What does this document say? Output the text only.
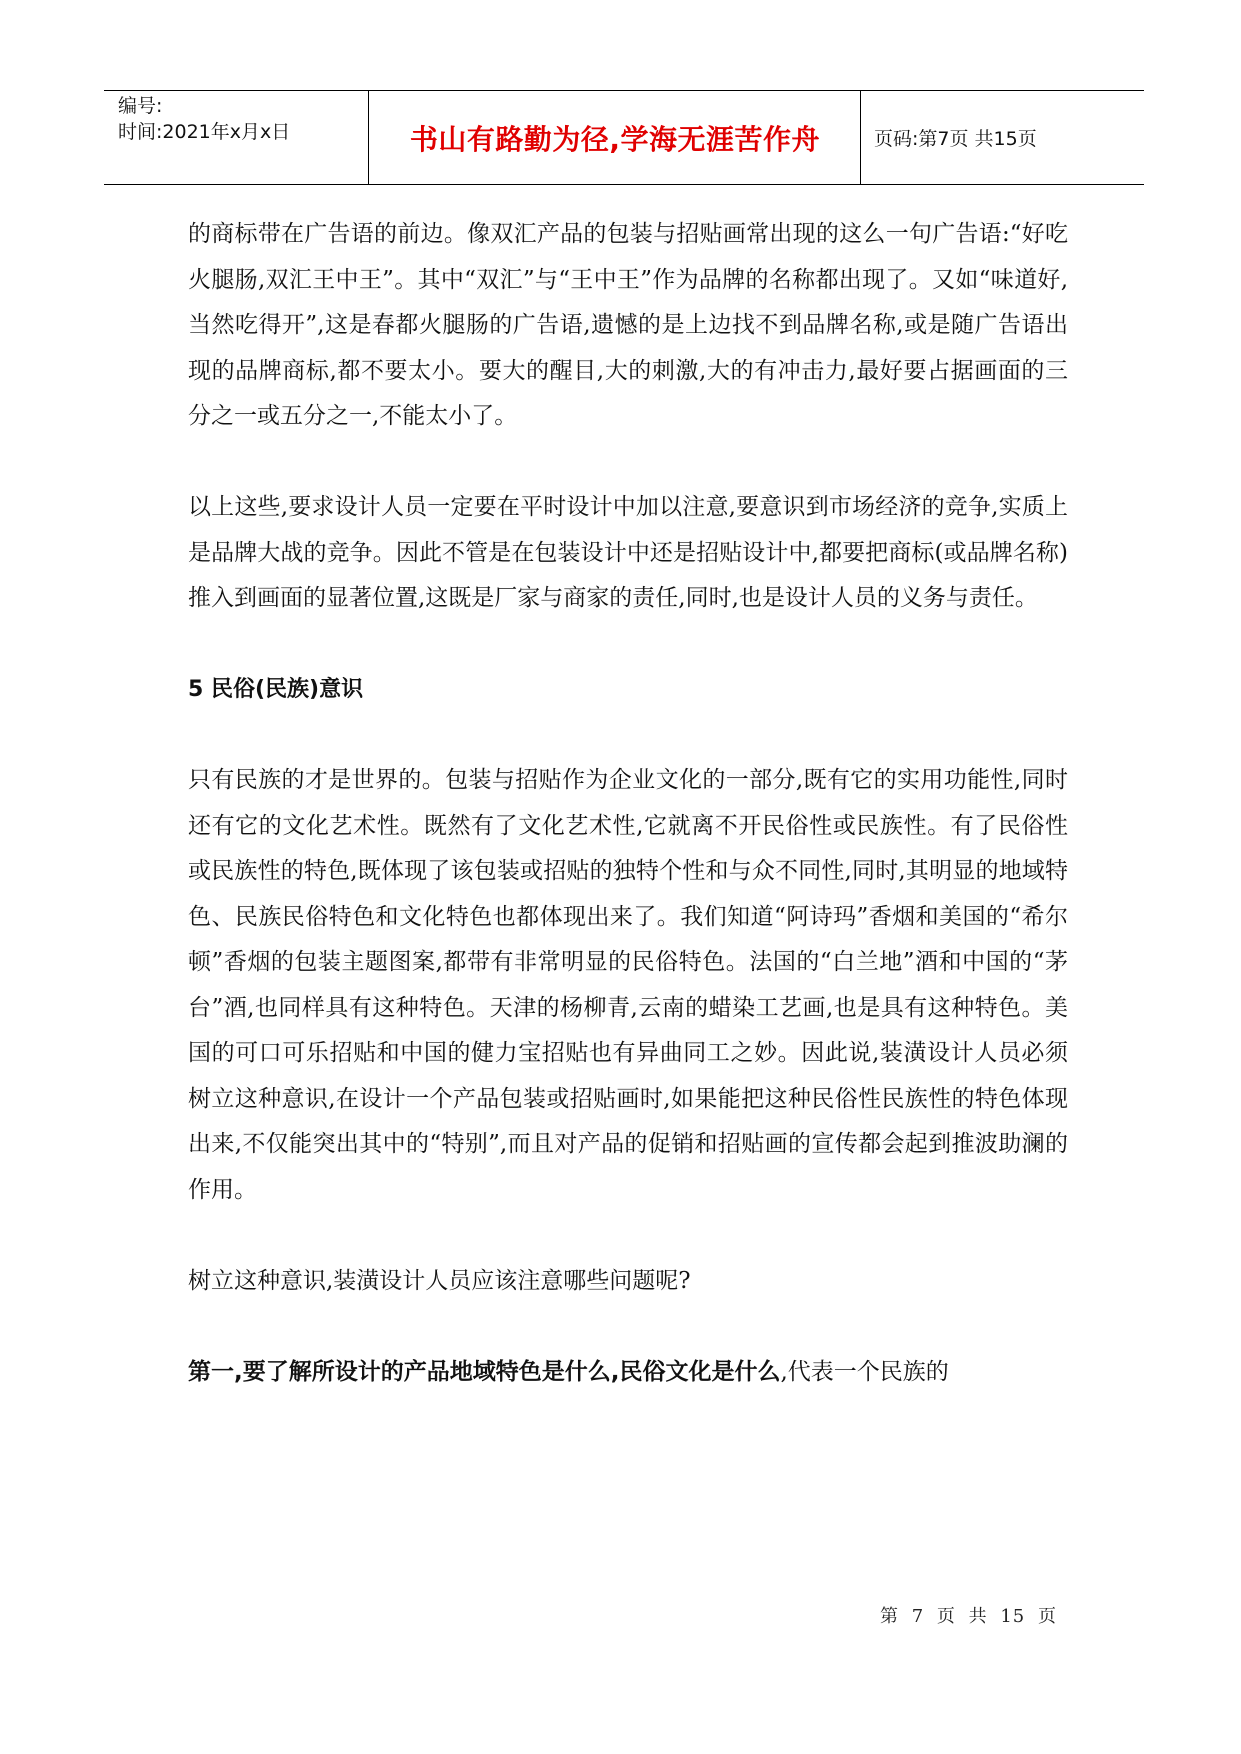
编号:
时间:2021年x月x日	书山有路勤为径,学海无涯苦作舟	页码:第7页 共15页

的商标带在广告语的前边。像双汇产品的包装与招贴画常出现的这么一句广告语:“好吃火腿肠,双汇王中王”。其中“双汇”与“王中王”作为品牌的名称都出现了。又如“味道好,当然吃得开”,这是春都火腿肠的广告语,遗憾的是上边找不到品牌名称,或是随广告语出现的品牌商标,都不要太小。要大的醒目,大的刺激,大的有冲击力,最好要占据画面的三分之一或五分之一,不能太小了。

以上这些,要求设计人员一定要在平时设计中加以注意,要意识到市场经济的竞争,实质上是品牌大战的竞争。因此不管是在包装设计中还是招贴设计中,都要把商标(或品牌名称)推入到画面的显著位置,这既是厂家与商家的责任,同时,也是设计人员的义务与责任。

5 民俗(民族)意识

只有民族的才是世界的。包装与招贴作为企业文化的一部分,既有它的实用功能性,同时还有它的文化艺术性。既然有了文化艺术性,它就离不开民俗性或民族性。有了民俗性或民族性的特色,既体现了该包装或招贴的独特个性和与众不同性,同时,其明显的地域特色、民族民俗特色和文化特色也都体现出来了。我们知道“阿诗玛”香烟和美国的“希尔顿”香烟的包装主题图案,都带有非常明显的民俗特色。法国的“白兰地”酒和中国的“茅台”酒,也同样具有这种特色。天津的杨柳青,云南的蜡染工艺画,也是具有这种特色。美国的可口可乐招贴和中国的健力宝招贴也有异曲同工之妙。因此说,装潢设计人员必须树立这种意识,在设计一个产品包装或招贴画时,如果能把这种民俗性民族性的特色体现出来,不仅能突出其中的“特别”,而且对产品的促销和招贴画的宣传都会起到推波助澜的作用。

树立这种意识,装潢设计人员应该注意哪些问题呢?

第一,要了解所设计的产品地域特色是什么,民俗文化是什么,代表一个民族的

第 7 页 共 15 页
